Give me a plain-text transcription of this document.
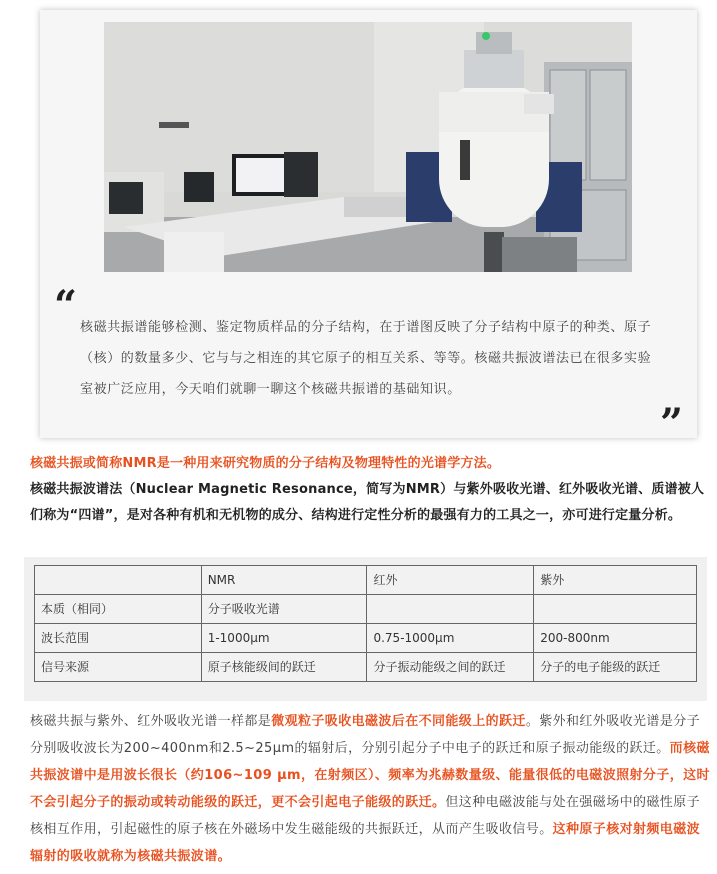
“ 核磁共振谱能够检测、鉴定物质样品的分子结构，在于谱图反映了分子结构中原子的种类、原子（核）的数量多少、它与与之相连的其它原子的相互关系、等等。核磁共振波谱法已在很多实验室被广泛应用，今天咱们就聊一聊这个核磁共振谱的基础知识。
”
核磁共振或简称NMR是一种用来研究物质的分子结构及物理特性的光谱学方法。
核磁共振波谱法（Nuclear Magnetic Resonance，简写为NMR）与紫外吸收光谱、红外吸收光谱、质谱被人们称为“四谱”，是对各种有机和无机物的成分、结构进行定性分析的最强有力的工具之一，亦可进行定量分析。
	NMR	红外	紫外
本质（相同）	分子吸收光谱		
波长范围	1-1000μm	0.75-1000μm	200-800nm
信号来源	原子核能级间的跃迁	分子振动能级之间的跃迁	分子的电子能级的跃迁
核磁共振与紫外、红外吸收光谱一样都是微观粒子吸收电磁波后在不同能级上的跃迁。紫外和红外吸收光谱是分子分别吸收波长为200~400nm和2.5~25μm的辐射后，分别引起分子中电子的跃迁和原子振动能级的跃迁。而核磁共振波谱中是用波长很长（约106~109 μm，在射频区）、频率为兆赫数量级、能量很低的电磁波照射分子，这时不会引起分子的振动或转动能级的跃迁，更不会引起电子能级的跃迁。但这种电磁波能与处在强磁场中的磁性原子核相互作用，引起磁性的原子核在外磁场中发生磁能级的共振跃迁，从而产生吸收信号。这种原子核对射频电磁波辐射的吸收就称为核磁共振波谱。
